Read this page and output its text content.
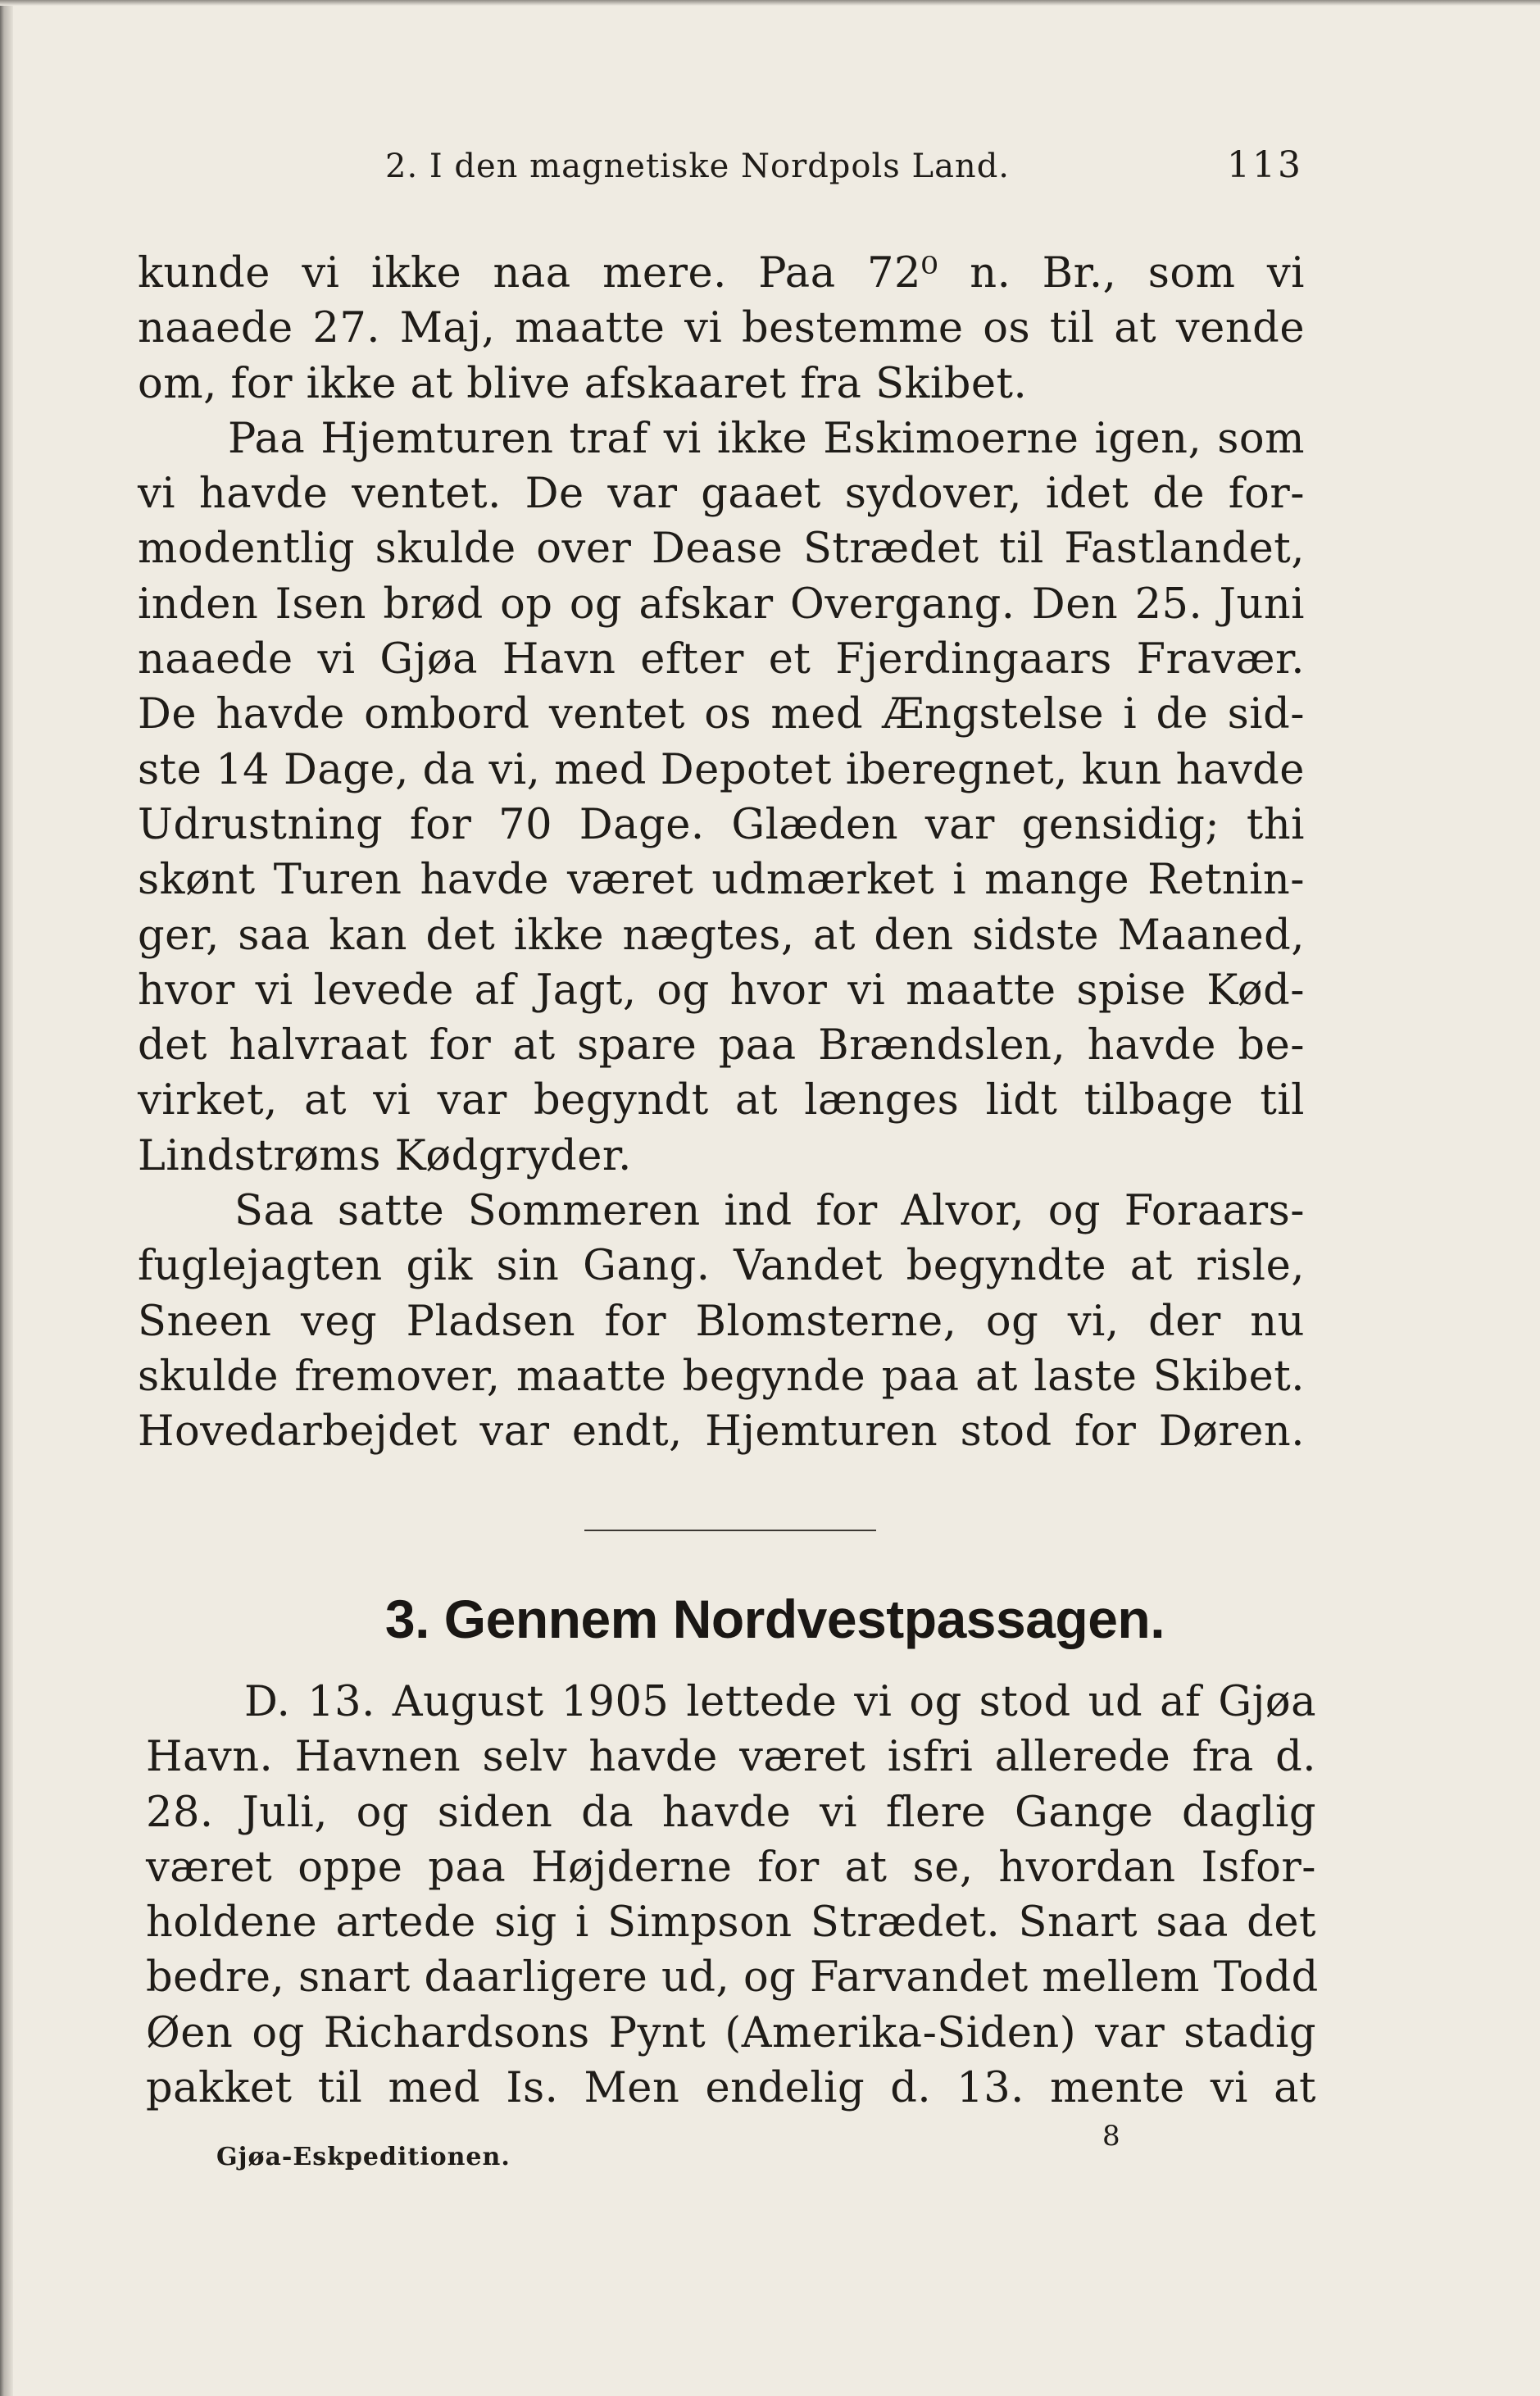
2. I den magnetiske Nordpols Land.	113
kunde vi ikke naa mere. Paa 72⁰ n. Br., som vi
naaede 27. Maj, maatte vi bestemme os til at vende
om, for ikke at blive afskaaret fra Skibet.
Paa Hjemturen traf vi ikke Eskimoerne igen, som
vi havde ventet. De var gaaet sydover, idet de for-
modentlig skulde over Dease Strædet til Fastlandet,
inden Isen brød op og afskar Overgang. Den 25. Juni
naaede vi Gjøa Havn efter et Fjerdingaars Fravær.
De havde ombord ventet os med Ængstelse i de sid-
ste 14 Dage, da vi, med Depotet iberegnet, kun havde
Udrustning for 70 Dage. Glæden var gensidig; thi
skønt Turen havde været udmærket i mange Retnin-
ger, saa kan det ikke nægtes, at den sidste Maaned,
hvor vi levede af Jagt, og hvor vi maatte spise Kød-
det halvraat for at spare paa Brændslen, havde be-
virket, at vi var begyndt at længes lidt tilbage til
Lindstrøms Kødgryder.
Saa satte Sommeren ind for Alvor, og Foraars-
fuglejagten gik sin Gang. Vandet begyndte at risle,
Sneen veg Pladsen for Blomsterne, og vi, der nu
skulde fremover, maatte begynde paa at laste Skibet.
Hovedarbejdet var endt, Hjemturen stod for Døren.
3. Gennem Nordvestpassagen.
D. 13. August 1905 lettede vi og stod ud af Gjøa
Havn. Havnen selv havde været isfri allerede fra d.
28. Juli, og siden da havde vi flere Gange daglig
været oppe paa Højderne for at se, hvordan Isfor-
holdene artede sig i Simpson Strædet. Snart saa det
bedre, snart daarligere ud, og Farvandet mellem Todd
Øen og Richardsons Pynt (Amerika-Siden) var stadig
pakket til med Is. Men endelig d. 13. mente vi at
Gjøa-Eskpeditionen.
8
